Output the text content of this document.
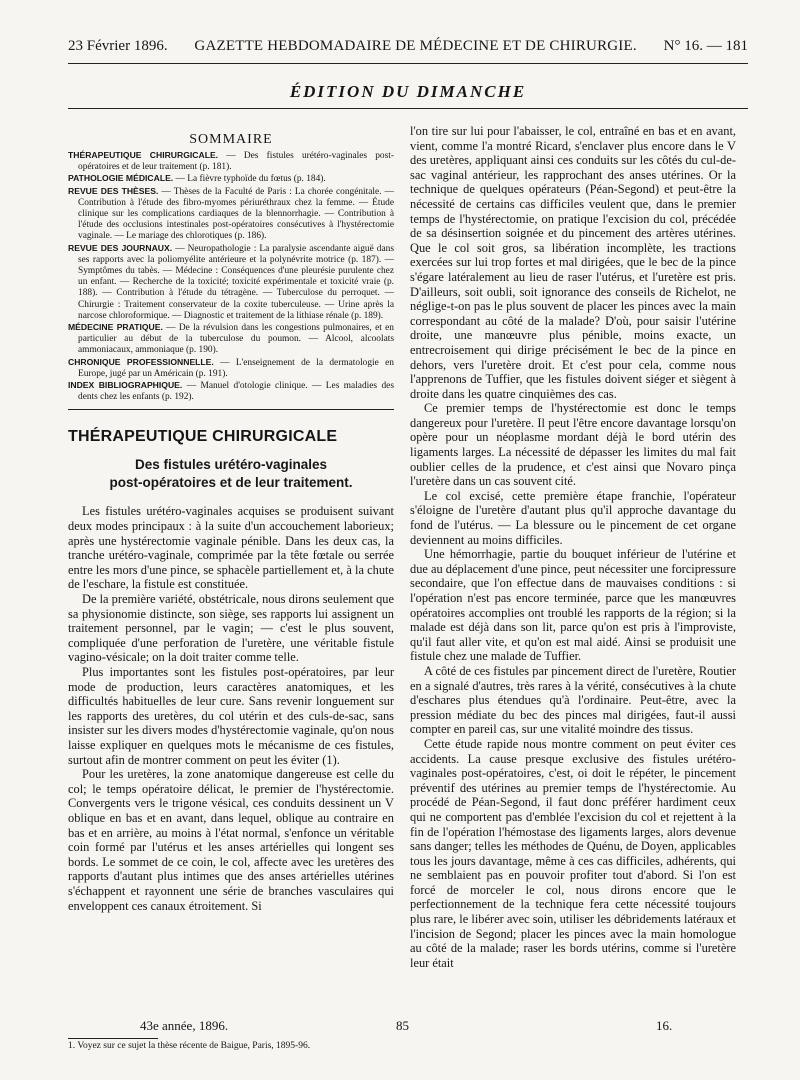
23 Février 1896. GAZETTE HEBDOMADAIRE DE MÉDECINE ET DE CHIRURGIE. N° 16. — 181
ÉDITION DU DIMANCHE
SOMMAIRE

THÉRAPEUTIQUE CHIRURGICALE. — Des fistules urétéro-vaginales post-opératoires et de leur traitement (p. 181).

PATHOLOGIE MÉDICALE. — La fièvre typhoïde du fœtus (p. 184).

REVUE DES THÈSES. — Thèses de la Faculté de Paris : La chorée congénitale. — Contribution à l'étude des fibro-myomes périuréthraux chez la femme. — Étude clinique sur les complications cardiaques de la blennorrhagie. — Contribution à l'étude des occlusions intestinales post-opératoires consécutives à l'hystérectomie vaginale. — Le mariage des chlorotiques (p. 186).

REVUE DES JOURNAUX. — Neuropathologie : La paralysie ascendante aiguë dans ses rapports avec la poliomyélite antérieure et la polynévrite motrice (p. 187). — Symptômes du tabès. — Médecine : Conséquences d'une pleurésie purulente chez un enfant. — Recherche de la toxicité; toxicité expérimentale et toxicité vraie (p. 188). — Contribution à l'étude du tétragène. — Tuberculose du perroquet. — Chirurgie : Traitement conservateur de la coxite tuberculeuse. — Urine après la narcose chloroformique. — Diagnostic et traitement de la lithiase rénale (p. 189).

MÉDECINE PRATIQUE. — De la révulsion dans les congestions pulmonaires, et en particulier au début de la tuberculose du poumon. — Alcool, alcoolats ammoniacaux, ammoniaque (p. 190).

CHRONIQUE PROFESSIONNELLE. — L'enseignement de la dermatologie en Europe, jugé par un Américain (p. 191).

INDEX BIBLIOGRAPHIQUE. — Manuel d'otologie clinique. — Les maladies des dents chez les enfants (p. 192).

THÉRAPEUTIQUE CHIRURGICALE
Des fistules urétéro-vaginales
post-opératoires et de leur traitement.

Les fistules urétéro-vaginales acquises se produisent suivant deux modes principaux : à la suite d'un accouchement laborieux; après une hystérectomie vaginale pénible. Dans les deux cas, la tranche urétéro-vaginale, comprimée par la tête fœtale ou serrée entre les mors d'une pince, se sphacèle partiellement et, à la chute de l'eschare, la fistule est constituée.

De la première variété, obstétricale, nous dirons seulement que sa physionomie distincte, son siège, ses rapports lui assignent un traitement personnel, par le vagin; — c'est le plus souvent, compliquée d'une perforation de l'uretère, une véritable fistule vagino-vésicale; on la doit traiter comme telle.

Plus importantes sont les fistules post-opératoires, par leur mode de production, leurs caractères anatomiques, et les difficultés habituelles de leur cure. Sans revenir longuement sur les rapports des uretères, du col utérin et des culs-de-sac, sans insister sur les divers modes d'hystérectomie vaginale, qu'on nous laisse expliquer en quelques mots le mécanisme de ces fistules, surtout afin de montrer comment on peut les éviter (1).

Pour les uretères, la zone anatomique dangereuse est celle du col; le temps opératoire délicat, le premier de l'hystérectomie. Convergents vers le trigone vésical, ces conduits dessinent un V oblique en bas et en avant, dans lequel, oblique au contraire en bas et en arrière, au moins à l'état normal, s'enfonce un véritable coin formé par l'utérus et les anses artérielles qui longent ses bords. Le sommet de ce coin, le col, affecte avec les uretères des rapports d'autant plus intimes que des anses artérielles utérines s'échappent et rayonnent une série de branches vasculaires qui enveloppent ces canaux étroitement. Si

l'on tire sur lui pour l'abaisser, le col, entraîné en bas et en avant, vient, comme l'a montré Ricard, s'enclaver plus encore dans le V des uretères, appliquant ainsi ces conduits sur les côtés du cul-de-sac vaginal antérieur, les rapprochant des anses utérines. Or la technique de quelques opérateurs (Péan-Segond) et peut-être la nécessité de certains cas difficiles veulent que, dans le premier temps de l'hystérectomie, on pratique l'excision du col, précédée de sa désinsertion soignée et du pincement des artères utérines. Que le col soit gros, sa libération incomplète, les tractions exercées sur lui trop fortes et mal dirigées, que le bec de la pince s'égare latéralement au lieu de raser l'utérus, et l'uretère est pris. D'ailleurs, soit oubli, soit ignorance des conseils de Richelot, ne néglige-t-on pas le plus souvent de placer les pinces avec la main correspondant au côté de la malade? D'où, pour saisir l'utérine droite, une manœuvre plus pénible, moins exacte, un entrecroisement qui dirige précisément le bec de la pince en dehors, vers l'uretère droit. Et c'est pour cela, comme nous l'apprenons de Tuffier, que les fistules doivent siéger et siègent à droite dans les quatre cinquièmes des cas.

Ce premier temps de l'hystérectomie est donc le temps dangereux pour l'uretère. Il peut l'être encore davantage lorsqu'on opère pour un néoplasme mordant déjà le bord utérin des ligaments larges. La nécessité de dépasser les limites du mal fait oublier celles de la prudence, et c'est ainsi que Novaro pinça l'uretère dans un cas souvent cité.

Le col excisé, cette première étape franchie, l'opérateur s'éloigne de l'uretère d'autant plus qu'il approche davantage du fond de l'utérus. — La blessure ou le pincement de cet organe deviennent au moins difficiles.

Une hémorrhagie, partie du bouquet inférieur de l'utérine et due au déplacement d'une pince, peut nécessiter une forcipressure secondaire, que l'on effectue dans de mauvaises conditions : si l'opération n'est pas encore terminée, parce que les manœuvres opératoires accomplies ont troublé les rapports de la région; si la malade est déjà dans son lit, parce qu'on est pris à l'improviste, qu'il faut aller vite, et qu'on est mal aidé. Ainsi se produisit une fistule chez une malade de Tuffier.

A côté de ces fistules par pincement direct de l'uretère, Routier en a signalé d'autres, très rares à la vérité, consécutives à la chute d'eschares plus étendues qu'à l'ordinaire. Peut-être, avec la pression médiate du bec des pinces mal dirigées, faut-il aussi compter en pareil cas, sur une vitalité moindre des tissus.

Cette étude rapide nous montre comment on peut éviter ces accidents. La cause presque exclusive des fistules urétéro-vaginales post-opératoires, c'est, oi doit le répéter, le pincement préventif des utérines au premier temps de l'hystérectomie. Au procédé de Péan-Segond, il faut donc préférer hardiment ceux qui ne comportent pas d'emblée l'excision du col et rejettent à la fin de l'opération l'hémostase des ligaments larges, alors devenue sans danger; telles les méthodes de Quénu, de Doyen, applicables tous les jours davantage, même à ces cas difficiles, adhérents, qui ne semblaient pas en pouvoir profiter tout d'abord. Si l'on est forcé de morceler le col, nous dirons encore que le perfectionnement de la technique fera cette nécessité toujours plus rare, le libérer avec soin, utiliser les débridements latéraux et l'incision de Segond; placer les pinces avec la main homologue au côté de la malade; raser les bords utérins, comme si l'uretère leur était

1. Voyez sur ce sujet la thèse récente de Baigue, Paris, 1895-96.
43e année, 1896.	85	16.
